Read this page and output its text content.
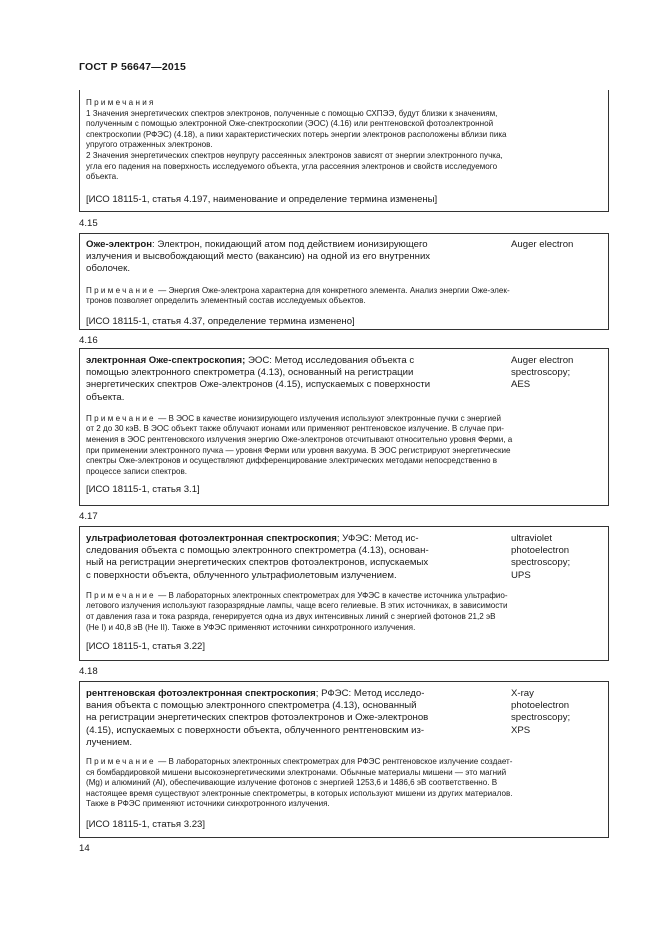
ГОСТ Р 56647—2015
Примечания
1 Значения энергетических спектров электронов, полученные с помощью СХПЭЭ, будут близки к значениям,
полученным с помощью электронной Оже-спектроскопии (ЭОС) (4.16) или рентгеновской фотоэлектронной
спектроскопии (РФЭС) (4.18), а пики характеристических потерь энергии электронов расположены вблизи пика
упругого отраженных электронов.
2 Значения энергетических спектров неупругу рассеянных электронов зависят от энергии электронного пучка,
угла его падения на поверхность исследуемого объекта, угла рассеяния электронов и свойств исследуемого
объекта.
[ИСО 18115-1, статья 4.197, наименование и определение термина изменены]
4.15
Оже-электрон: Электрон, покидающий атом под действием ионизирующего
излучения и высвобождающий место (вакансию) на одной из его внутренних
оболочек.
Примечание — Энергия Оже-электрона характерна для конкретного элемента. Анализ энергии Оже-элек-
тронов позволяет определить элементный состав исследуемых объектов.
[ИСО 18115-1, статья 4.37, определение термина изменено]
Auger electron
4.16
электронная Оже-спектроскопия; ЭОС: Метод исследования объекта с
помощью электронного спектрометра (4.13), основанный на регистрации
энергетических спектров Оже-электронов (4.15), испускаемых с поверхности
объекта.
Примечание — В ЭОС в качестве ионизирующего излучения используют электронные пучки с энергией
от 2 до 30 кэВ. В ЭОС объект также облучают ионами или применяют рентгеновское излучение. В случае при-
менения в ЭОС рентгеновского излучения энергию Оже-электронов отсчитывают относительно уровня Ферми, а
при применении электронного пучка — уровня Ферми или уровня вакуума. В ЭОС регистрируют энергетические
спектры Оже-электронов и осуществляют дифференцирование электрических методами непосредственно в
процессе записи спектров.
[ИСО 18115-1, статья 3.1]
Auger electron
spectroscopy;
AES
4.17
ультрафиолетовая фотоэлектронная спектроскопия; УФЭС: Метод ис-
следования объекта с помощью электронного спектрометра (4.13), основан-
ный на регистрации энергетических спектров фотоэлектронов, испускаемых
с поверхности объекта, облученного ультрафиолетовым излучением.
Примечание — В лабораторных электронных спектрометрах для УФЭС в качестве источника ультрафио-
летового излучения используют газоразрядные лампы, чаще всего гелиевые. В этих источниках, в зависимости
от давления газа и тока разряда, генерируется одна из двух интенсивных линий с энергией фотонов 21,2 эВ
(He I) и 40,8 эВ (He II). Также в УФЭС применяют источники синхротронного излучения.
[ИСО 18115-1, статья 3.22]
ultraviolet
photoelectron
spectroscopy;
UPS
4.18
рентгеновская фотоэлектронная спектроскопия; РФЭС: Метод исследо-
вания объекта с помощью электронного спектрометра (4.13), основанный
на регистрации энергетических спектров фотоэлектронов и Оже-электронов
(4.15), испускаемых с поверхности объекта, облученного рентгеновским из-
лучением.
Примечание — В лабораторных электронных спектрометрах для РФЭС рентгеновское излучение создает-
ся бомбардировкой мишени высокоэнергетическими электронами. Обычные материалы мишени — это магний
(Mg) и алюминий (Al), обеспечивающие излучение фотонов с энергией 1253,6 и 1486,6 эВ соответственно. В
настоящее время существуют электронные спектрометры, в которых используют мишени из других материалов.
Также в РФЭС применяют источники синхротронного излучения.
[ИСО 18115-1, статья 3.23]
X-ray
photoelectron
spectroscopy;
XPS
14
